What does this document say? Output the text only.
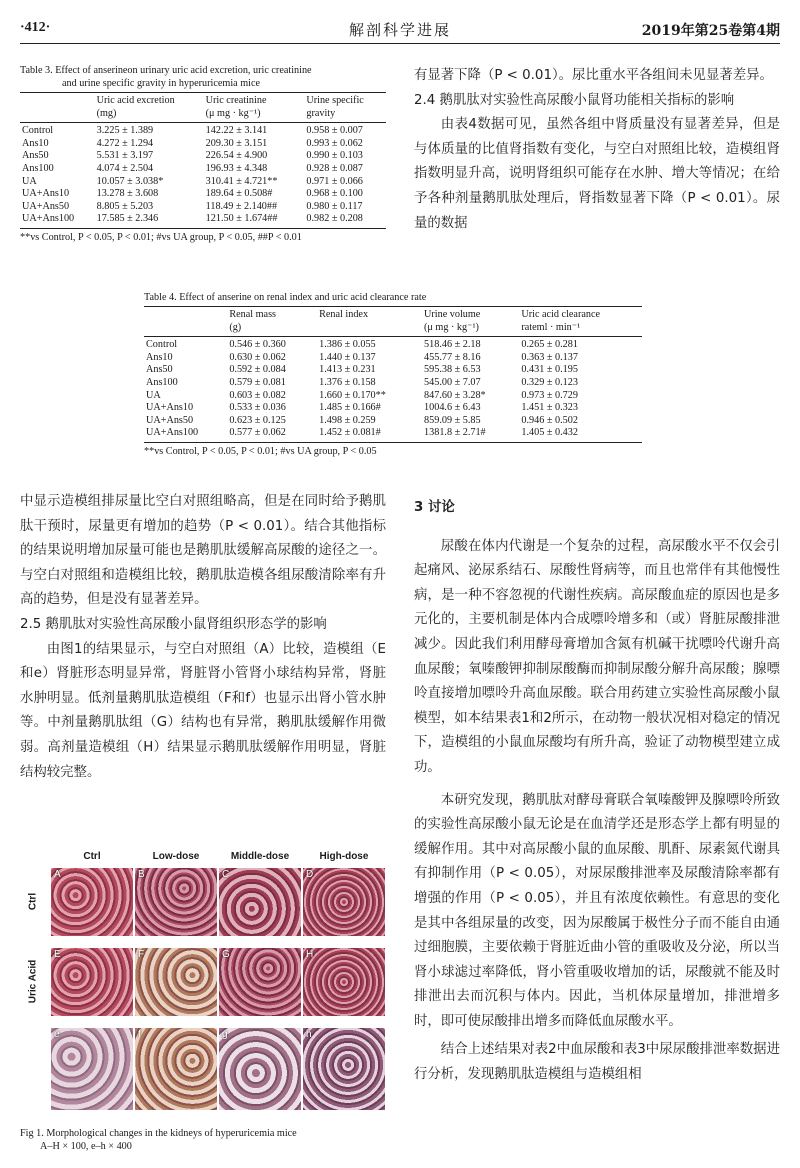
·412·	解剖科学进展	2019年第25卷第4期
Table 3. Effect of anserineon urinary uric acid excretion, uric creatinine
and urine specific gravity in hyperuricemia mice
	Uric acid excretion	Uric creatinine	Urine specific
	(mg)	(μ mg · kg⁻¹)	gravity
Control	3.225 ± 1.389	142.22 ± 3.141	0.958 ± 0.007
Ans10	4.272 ± 1.294	209.30 ± 3.151	0.993 ± 0.062
Ans50	5.531 ± 3.197	226.54 ± 4.900	0.990 ± 0.103
Ans100	4.074 ± 2.504	196.93 ± 4.348	0.928 ± 0.087
UA	10.057 ± 3.038*	310.41 ± 4.721**	0.971 ± 0.066
UA+Ans10	13.278 ± 3.608	189.64 ± 0.508#	0.968 ± 0.100
UA+Ans50	8.805 ± 5.203	118.49 ± 2.140##	0.980 ± 0.117
UA+Ans100	17.585 ± 2.346	121.50 ± 1.674##	0.982 ± 0.208
**vs Control, P < 0.05, P < 0.01; #vs UA group, P < 0.05, ##P < 0.01

有显著下降（P < 0.01）。尿比重水平各组间未见显著差异。

2.4 鹅肌肽对实验性高尿酸小鼠肾功能相关指标的影响

由表4数据可见，虽然各组中肾质量没有显著差异，但是与体质量的比值肾指数有变化，与空白对照组比较，造模组肾指数明显升高，说明肾组织可能存在水肿、增大等情况；在给予各种剂量鹅肌肽处理后，肾指数显著下降（P < 0.01）。尿量的数据

Table 4. Effect of anserine on renal index and uric acid clearance rate
	Renal mass	Renal index	Urine volume	Uric acid clearance
	(g)		(μ mg · kg⁻¹)	rateml · min⁻¹
Control	0.546 ± 0.360	1.386 ± 0.055	518.46 ± 2.18	0.265 ± 0.281
Ans10	0.630 ± 0.062	1.440 ± 0.137	455.77 ± 8.16	0.363 ± 0.137
Ans50	0.592 ± 0.084	1.413 ± 0.231	595.38 ± 6.53	0.431 ± 0.195
Ans100	0.579 ± 0.081	1.376 ± 0.158	545.00 ± 7.07	0.329 ± 0.123
UA	0.603 ± 0.082	1.660 ± 0.170**	847.60 ± 3.28*	0.973 ± 0.729
UA+Ans10	0.533 ± 0.036	1.485 ± 0.166#	1004.6 ± 6.43	1.451 ± 0.323
UA+Ans50	0.623 ± 0.125	1.498 ± 0.259	859.09 ± 5.85	0.946 ± 0.502
UA+Ans100	0.577 ± 0.062	1.452 ± 0.081#	1381.8 ± 2.71#	1.405 ± 0.432
**vs Control, P < 0.05, P < 0.01; #vs UA group, P < 0.05

中显示造模组排尿量比空白对照组略高，但是在同时给予鹅肌肽干预时，尿量更有增加的趋势（P < 0.01）。结合其他指标的结果说明增加尿量可能也是鹅肌肽缓解高尿酸的途径之一。与空白对照组和造模组比较，鹅肌肽造模各组尿酸清除率有升高的趋势，但是没有显著差异。

2.5 鹅肌肽对实验性高尿酸小鼠肾组织形态学的影响

由图1的结果显示，与空白对照组（A）比较，造模组（E和e）肾脏形态明显异常，肾脏肾小管肾小球结构异常，肾脏水肿明显。低剂量鹅肌肽造模组（F和f）也显示出肾小管水肿等。中剂量鹅肌肽组（G）结构也有异常，鹅肌肽缓解作用微弱。高剂量造模组（H）结果显示鹅肌肽缓解作用明显，肾脏结构较完整。

Ctrl	Low-dose	Middle-dose	High-dose
Ctrl
Uric Acid
A	B	C	D
E	F	G	H
e	f	g	h
Fig 1. Morphological changes in the kidneys of hyperuricemia mice
A–H × 100, e–h × 400

3 讨论

尿酸在体内代谢是一个复杂的过程，高尿酸水平不仅会引起痛风、泌尿系结石、尿酸性肾病等，而且也常伴有其他慢性病，是一种不容忽视的代谢性疾病。高尿酸血症的原因也是多元化的，主要机制是体内合成嘌呤增多和（或）肾脏尿酸排泄减少。因此我们利用酵母膏增加含氮有机碱干扰嘌呤代谢升高血尿酸；氧嗪酸钾抑制尿酸酶而抑制尿酸分解升高尿酸；腺嘌呤直接增加嘌呤升高血尿酸。联合用药建立实验性高尿酸小鼠模型，如本结果表1和2所示，在动物一般状况相对稳定的情况下，造模组的小鼠血尿酸均有所升高，验证了动物模型建立成功。

本研究发现，鹅肌肽对酵母膏联合氧嗪酸钾及腺嘌呤所致的实验性高尿酸小鼠无论是在血清学还是形态学上都有明显的缓解作用。其中对高尿酸小鼠的血尿酸、肌酐、尿素氮代谢具有抑制作用（P < 0.05），对尿尿酸排泄率及尿酸清除率都有增强的作用（P < 0.05），并且有浓度依赖性。有意思的变化是其中各组尿量的改变，因为尿酸属于极性分子而不能自由通过细胞膜，主要依赖于肾脏近曲小管的重吸收及分泌，所以当肾小球滤过率降低，肾小管重吸收增加的话，尿酸就不能及时排泄出去而沉积与体内。因此，当机体尿量增加，排泄增多时，即可使尿酸排出增多而降低血尿酸水平。

结合上述结果对表2中血尿酸和表3中尿尿酸排泄率数据进行分析，发现鹅肌肽造模组与造模组相
